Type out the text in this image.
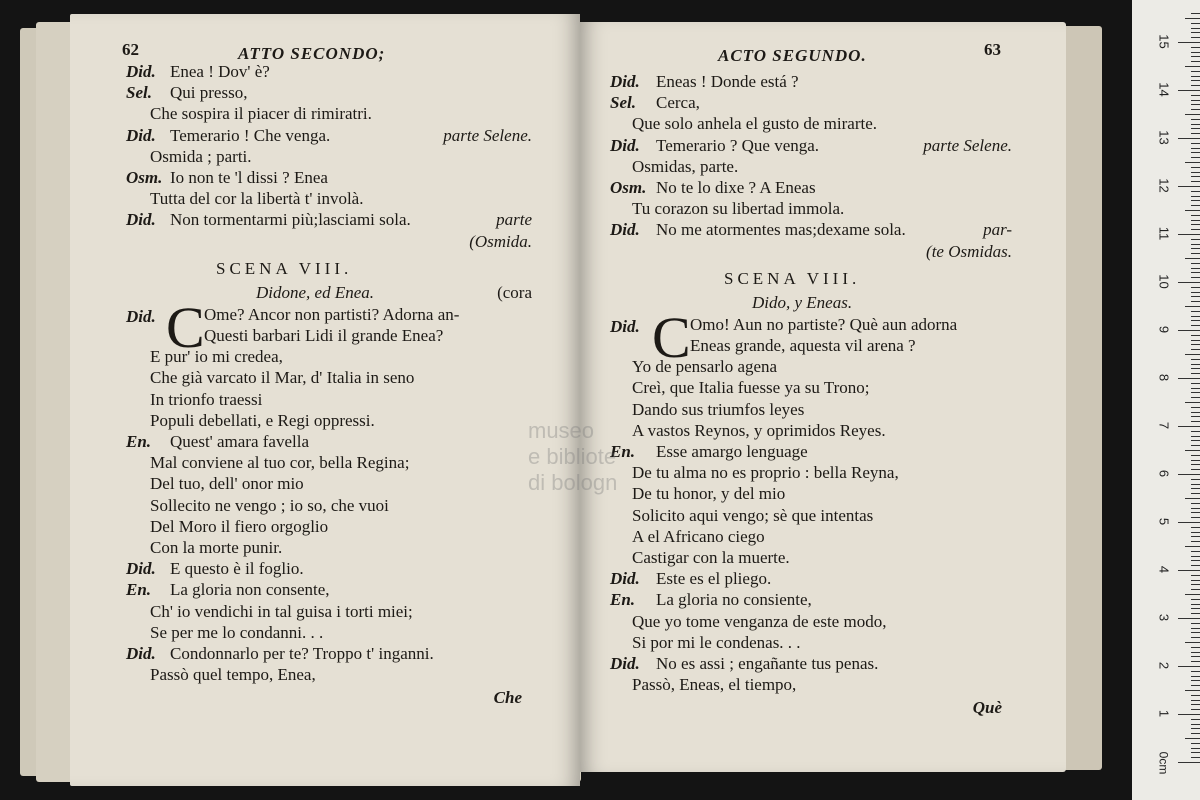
62	ATTO SECONDO;
Did. Enea ! Dov' è?
Sel. Qui presso,
Che sospira il piacer di rimiratri.
Did. Temerario ! Che venga.	parte Selene.
Osmida ; parti.
Osm. Io non te 'l dissi ? Enea
Tutta del cor la libertà t' involà.
Did. Non tormentarmi più;lasciami sola.	parte
(Osmida.
SCENA VIII.
Didone, ed Enea.	(cora
Did. C Ome? Ancor non partisti? Adorna an-
Questi barbari Lidi il grande Enea?
E pur' io mi credea,
Che già varcato il Mar, d' Italia in seno
In trionfo traessi
Populi debellati, e Regi oppressi.
En. Quest' amara favella
Mal conviene al tuo cor, bella Regina;
Del tuo, dell' onor mio
Sollecito ne vengo ; io so, che vuoi
Del Moro il fiero orgoglio
Con la morte punir.
Did. E questo è il foglio.
En. La gloria non consente,
Ch' io vendichi in tal guisa i torti miei;
Se per me lo condanni. . .
Did. Condonnarlo per te? Troppo t' inganni.
Passò quel tempo, Enea,
Che
63
ACTO SEGUNDO.
Did. Eneas ! Donde está ?
Sel. Cerca,
Que solo anhela el gusto de mirarte.
Did. Temerario ? Que venga.	parte Selene.
Osmidas, parte.
Osm. No te lo dixe ? A Eneas
Tu corazon su libertad immola.
Did. No me atormentes mas;dexame sola.	par-
(te Osmidas.
SCENA VIII.
Dido, y Eneas.
Did. C Omo! Aun no partiste? Què aun adorna
Eneas grande, aquesta vil arena ?
Yo de pensarlo agena
Creì, que Italia fuesse ya su Trono;
Dando sus triumfos leyes
A vastos Reynos, y oprimidos Reyes.
En. Esse amargo lenguage
De tu alma no es proprio : bella Reyna,
De tu honor, y del mio
Solicito aqui vengo; sè que intentas
A el Africano ciego
Castigar con la muerte.
Did. Este es el pliego.
En. La gloria no consiente,
Que yo tome venganza de este modo,
Si por mi le condenas. . .
Did. No es assi ; engañante tus penas.
Passò, Eneas, el tiempo,
Què
museo
e bibliote
di bologn
0cm
1
2
3
4
5
6
7
8
9
10
11
12
13
14
15
